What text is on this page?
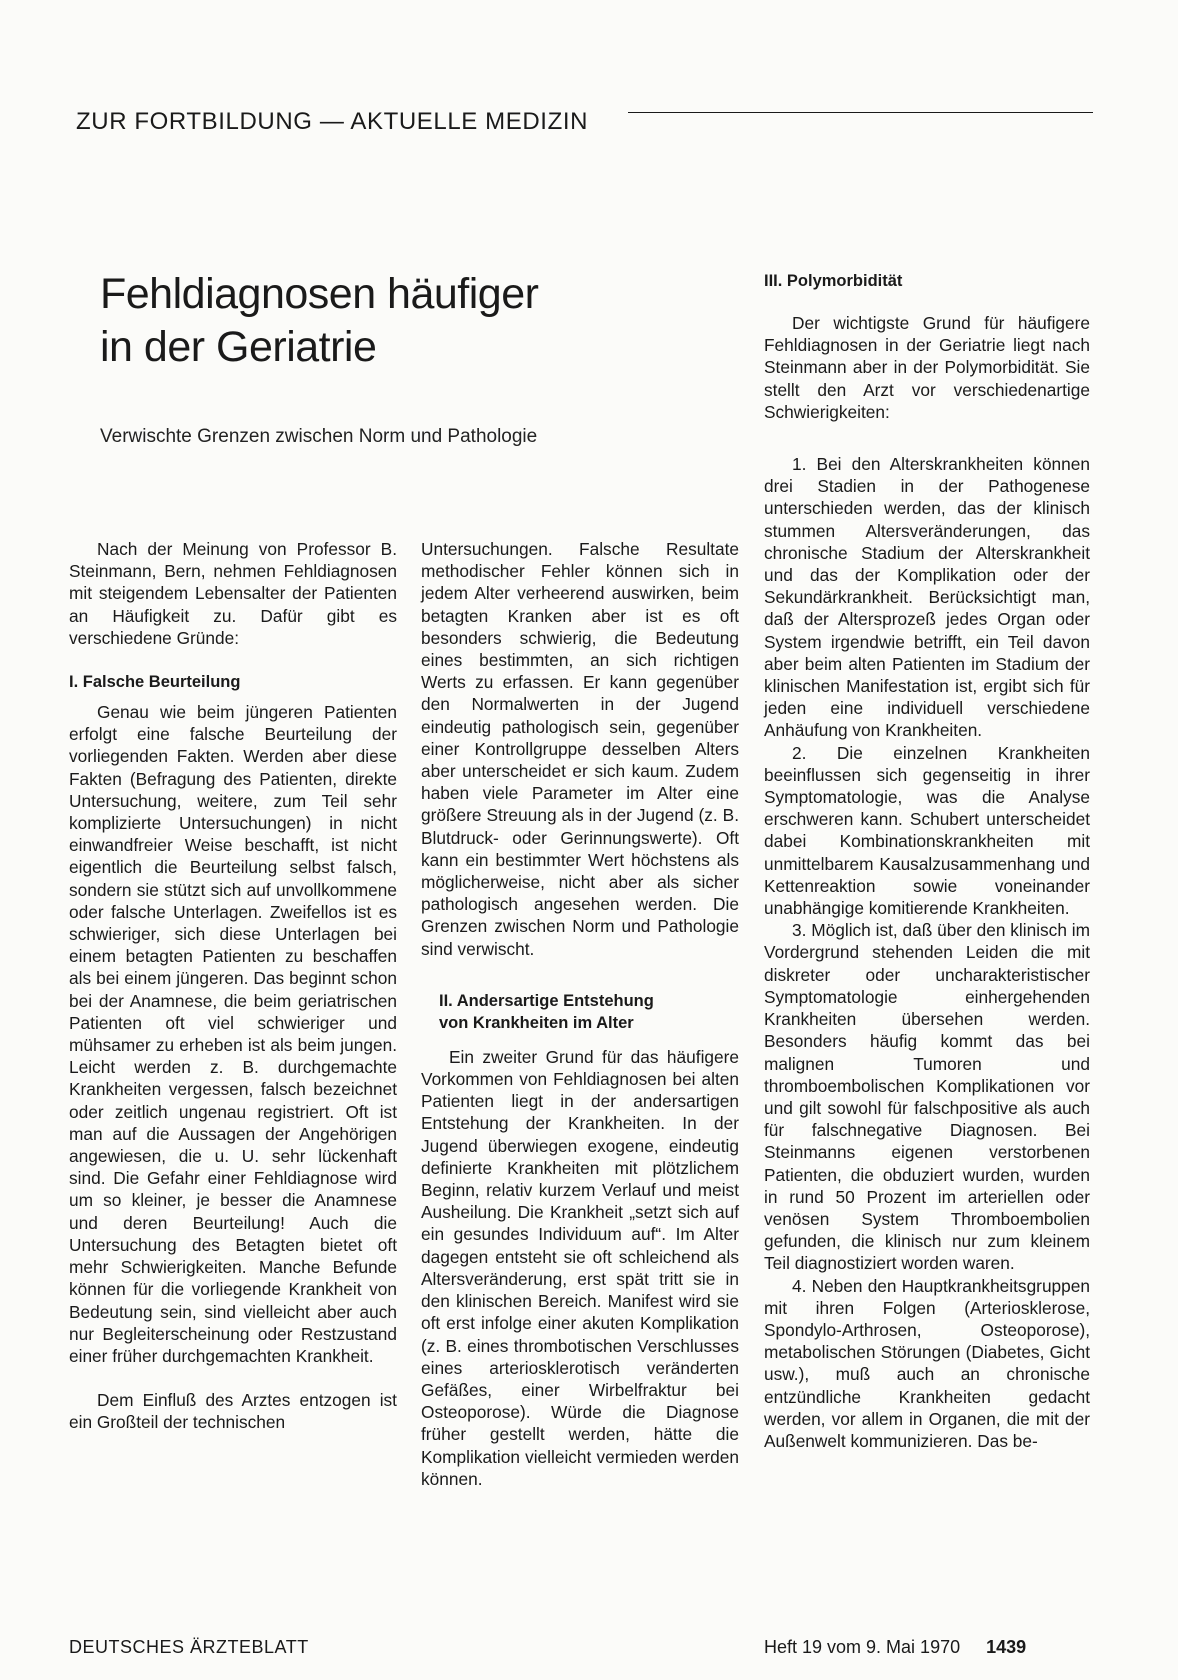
ZUR FORTBILDUNG — AKTUELLE MEDIZIN
Fehldiagnosen häufiger
in der Geriatrie
Verwischte Grenzen zwischen Norm und Pathologie

Nach der Meinung von Professor B. Steinmann, Bern, nehmen Fehldiagnosen mit steigendem Lebensalter der Patienten an Häufigkeit zu. Dafür gibt es verschiedene Gründe:

I. Falsche Beurteilung

Genau wie beim jüngeren Patienten erfolgt eine falsche Beurteilung der vorliegenden Fakten. Werden aber diese Fakten (Befragung des Patienten, direkte Untersuchung, weitere, zum Teil sehr komplizierte Untersuchungen) in nicht einwandfreier Weise beschafft, ist nicht eigentlich die Beurteilung selbst falsch, sondern sie stützt sich auf unvollkommene oder falsche Unterlagen. Zweifellos ist es schwieriger, sich diese Unterlagen bei einem betagten Patienten zu beschaffen als bei einem jüngeren. Das beginnt schon bei der Anamnese, die beim geriatrischen Patienten oft viel schwieriger und mühsamer zu erheben ist als beim jungen. Leicht werden z. B. durchgemachte Krankheiten vergessen, falsch bezeichnet oder zeitlich ungenau registriert. Oft ist man auf die Aussagen der Angehörigen angewiesen, die u. U. sehr lückenhaft sind. Die Gefahr einer Fehldiagnose wird um so kleiner, je besser die Anamnese und deren Beurteilung! Auch die Untersuchung des Betagten bietet oft mehr Schwierigkeiten. Manche Befunde können für die vorliegende Krankheit von Bedeutung sein, sind vielleicht aber auch nur Begleiterscheinung oder Restzustand einer früher durchgemachten Krankheit.

Dem Einfluß des Arztes entzogen ist ein Großteil der technischen

Untersuchungen. Falsche Resultate methodischer Fehler können sich in jedem Alter verheerend auswirken, beim betagten Kranken aber ist es oft besonders schwierig, die Bedeutung eines bestimmten, an sich richtigen Werts zu erfassen. Er kann gegenüber den Normalwerten in der Jugend eindeutig pathologisch sein, gegenüber einer Kontrollgruppe desselben Alters aber unterscheidet er sich kaum. Zudem haben viele Parameter im Alter eine größere Streuung als in der Jugend (z. B. Blutdruck- oder Gerinnungswerte). Oft kann ein bestimmter Wert höchstens als möglicherweise, nicht aber als sicher pathologisch angesehen werden. Die Grenzen zwischen Norm und Pathologie sind verwischt.

II. Andersartige Entstehung
von Krankheiten im Alter

Ein zweiter Grund für das häufigere Vorkommen von Fehldiagnosen bei alten Patienten liegt in der andersartigen Entstehung der Krankheiten. In der Jugend überwiegen exogene, eindeutig definierte Krankheiten mit plötzlichem Beginn, relativ kurzem Verlauf und meist Ausheilung. Die Krankheit „setzt sich auf ein gesundes Individuum auf“. Im Alter dagegen entsteht sie oft schleichend als Altersveränderung, erst spät tritt sie in den klinischen Bereich. Manifest wird sie oft erst infolge einer akuten Komplikation (z. B. eines thrombotischen Verschlusses eines arteriosklerotisch veränderten Gefäßes, einer Wirbelfraktur bei Osteoporose). Würde die Diagnose früher gestellt werden, hätte die Komplikation vielleicht vermieden werden können.

III. Polymorbidität

Der wichtigste Grund für häufigere Fehldiagnosen in der Geriatrie liegt nach Steinmann aber in der Polymorbidität. Sie stellt den Arzt vor verschiedenartige Schwierigkeiten:

1. Bei den Alterskrankheiten können drei Stadien in der Pathogenese unterschieden werden, das der klinisch stummen Altersveränderungen, das chronische Stadium der Alterskrankheit und das der Komplikation oder der Sekundärkrankheit. Berücksichtigt man, daß der Altersprozeß jedes Organ oder System irgendwie betrifft, ein Teil davon aber beim alten Patienten im Stadium der klinischen Manifestation ist, ergibt sich für jeden eine individuell verschiedene Anhäufung von Krankheiten.

2. Die einzelnen Krankheiten beeinflussen sich gegenseitig in ihrer Symptomatologie, was die Analyse erschweren kann. Schubert unterscheidet dabei Kombinationskrankheiten mit unmittelbarem Kausalzusammenhang und Kettenreaktion sowie voneinander unabhängige komitierende Krankheiten.

3. Möglich ist, daß über den klinisch im Vordergrund stehenden Leiden die mit diskreter oder uncharakteristischer Symptomatologie einhergehenden Krankheiten übersehen werden. Besonders häufig kommt das bei malignen Tumoren und thromboembolischen Komplikationen vor und gilt sowohl für falschpositive als auch für falschnegative Diagnosen. Bei Steinmanns eigenen verstorbenen Patienten, die obduziert wurden, wurden in rund 50 Prozent im arteriellen oder venösen System Thromboembolien gefunden, die klinisch nur zum kleinem Teil diagnostiziert worden waren.

4. Neben den Hauptkrankheitsgruppen mit ihren Folgen (Arteriosklerose, Spondylo-Arthrosen, Osteoporose), metabolischen Störungen (Diabetes, Gicht usw.), muß auch an chronische entzündliche Krankheiten gedacht werden, vor allem in Organen, die mit der Außenwelt kommunizieren. Das be-

DEUTSCHES ÄRZTEBLATT	Heft 19 vom 9. Mai 1970 1439
